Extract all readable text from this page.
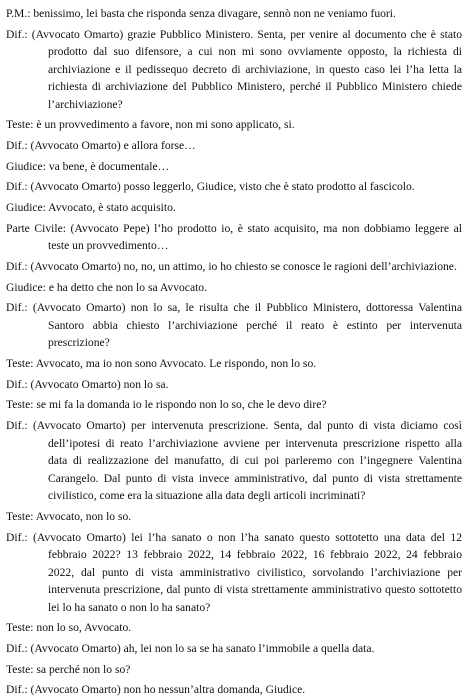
P.M.: benissimo, lei basta che risponda senza divagare, sennò non ne veniamo fuori.
Dif.: (Avvocato Omarto) grazie Pubblico Ministero. Senta, per venire al documento che è stato
prodotto dal suo difensore, a cui non mi sono ovviamente opposto, la richiesta di
archiviazione e il pedissequo decreto di archiviazione, in questo caso lei l’ha letta la
richiesta di archiviazione del Pubblico Ministero, perché il Pubblico Ministero chiede
l’archiviazione?
Teste: è un provvedimento a favore, non mi sono applicato, si.
Dif.: (Avvocato Omarto) e allora forse…
Giudice: va bene, è documentale…
Dif.: (Avvocato Omarto) posso leggerlo, Giudice, visto che è stato prodotto al fascicolo.
Giudice: Avvocato, è stato acquisito.
Parte Civile: (Avvocato Pepe) l’ho prodotto io, è stato acquisito, ma non dobbiamo leggere al
teste un provvedimento…
Dif.: (Avvocato Omarto) no, no, un attimo, io ho chiesto se conosce le ragioni dell’archiviazione.
Giudice: e ha detto che non lo sa Avvocato.
Dif.: (Avvocato Omarto) non lo sa, le risulta che il Pubblico Ministero, dottoressa Valentina
Santoro abbia chiesto l’archiviazione perché il reato è estinto per intervenuta
prescrizione?
Teste: Avvocato, ma io non sono Avvocato. Le rispondo, non lo so.
Dif.: (Avvocato Omarto) non lo sa.
Teste: se mi fa la domanda io le rispondo non lo so, che le devo dire?
Dif.: (Avvocato Omarto) per intervenuta prescrizione. Senta, dal punto di vista diciamo così
dell’ipotesi di reato l’archiviazione avviene per intervenuta prescrizione rispetto alla
data di realizzazione del manufatto, di cui poi parleremo con l’ingegnere Valentina
Carangelo. Dal punto di vista invece amministrativo, dal punto di vista strettamente
civilistico, come era la situazione alla data degli articoli incriminati?
Teste: Avvocato, non lo so.
Dif.: (Avvocato Omarto) lei l’ha sanato o non l’ha sanato questo sottotetto una data del 12
febbraio 2022? 13 febbraio 2022, 14 febbraio 2022, 16 febbraio 2022, 24 febbraio
2022, dal punto di vista amministrativo civilistico, sorvolando l’archiviazione per
intervenuta prescrizione, dal punto di vista strettamente amministrativo questo sottotetto
lei lo ha sanato o non lo ha sanato?
Teste: non lo so, Avvocato.
Dif.: (Avvocato Omarto) ah, lei non lo sa se ha sanato l’immobile a quella data.
Teste: sa perché non lo so?
Dif.: (Avvocato Omarto) non ho nessun’altra domanda, Giudice.
